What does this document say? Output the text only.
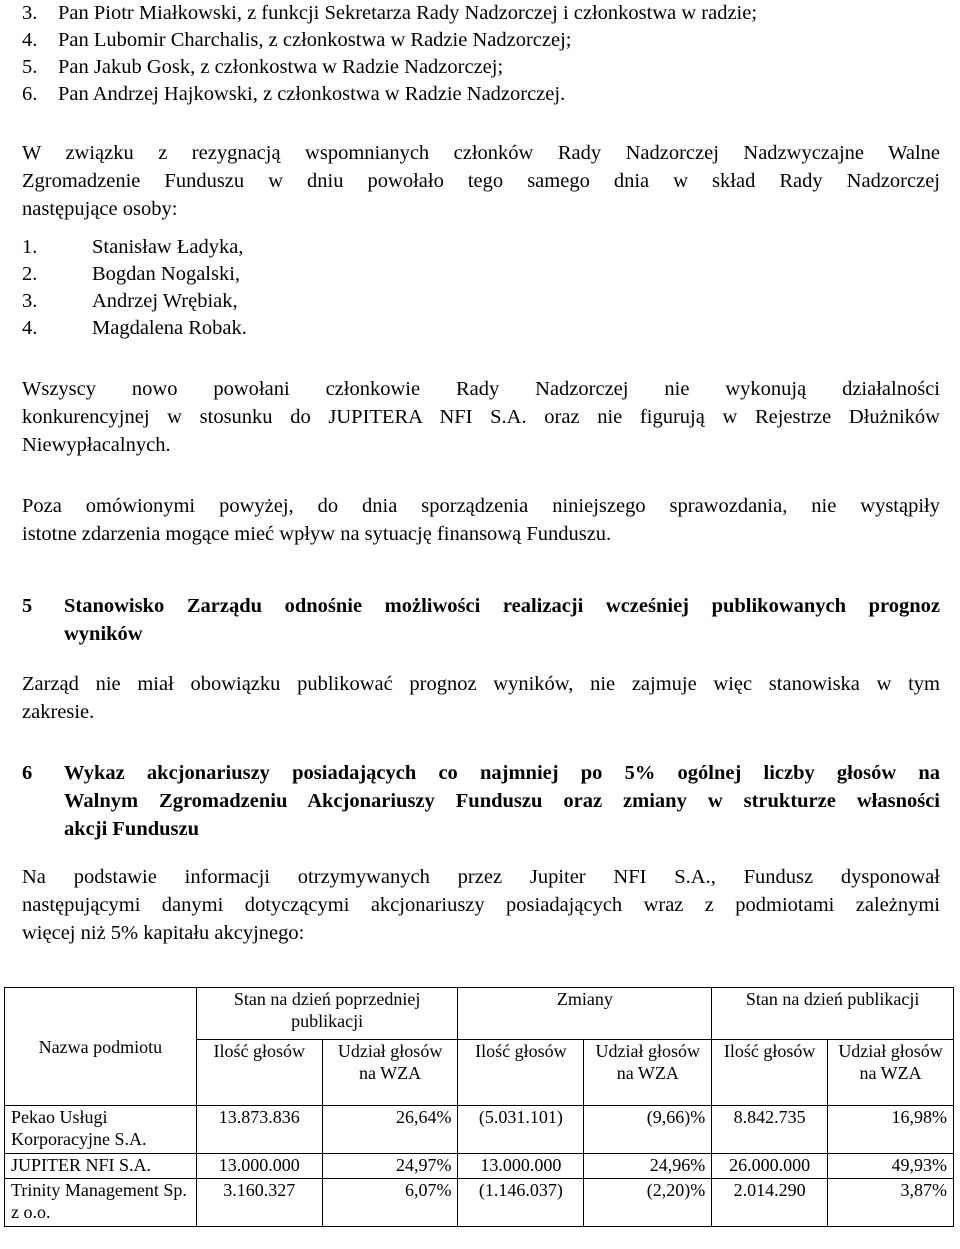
3. Pan Piotr Miałkowski, z funkcji Sekretarza Rady Nadzorczej i członkostwa w radzie;
4. Pan Lubomir Charchalis, z członkostwa w Radzie Nadzorczej;
5. Pan Jakub Gosk, z członkostwa w Radzie Nadzorczej;
6. Pan Andrzej Hajkowski, z członkostwa w Radzie Nadzorczej.
W związku z rezygnacją wspomnianych członków Rady Nadzorczej Nadzwyczajne Walne
Zgromadzenie Funduszu w dniu powołało tego samego dnia w skład Rady Nadzorczej
następujące osoby:
1.	Stanisław Ładyka,
2.	Bogdan Nogalski,
3.	Andrzej Wrębiak,
4.	Magdalena Robak.
Wszyscy nowo powołani członkowie Rady Nadzorczej nie wykonują działalności
konkurencyjnej w stosunku do JUPITERA NFI S.A. oraz nie figurują w Rejestrze Dłużników
Niewypłacalnych.
Poza omówionymi powyżej, do dnia sporządzenia niniejszego sprawozdania, nie wystąpiły
istotne zdarzenia mogące mieć wpływ na sytuację finansową Funduszu.
5 Stanowisko Zarządu odnośnie możliwości realizacji wcześniej publikowanych prognoz
wyników
Zarząd nie miał obowiązku publikować prognoz wyników, nie zajmuje więc stanowiska w tym
zakresie.
6 Wykaz akcjonariuszy posiadających co najmniej po 5% ogólnej liczby głosów na
Walnym Zgromadzeniu Akcjonariuszy Funduszu oraz zmiany w strukturze własności
akcji Funduszu
Na podstawie informacji otrzymywanych przez Jupiter NFI S.A., Fundusz dysponował
następującymi danymi dotyczącymi akcjonariuszy posiadających wraz z podmiotami zależnymi
więcej niż 5% kapitału akcyjnego:
Nazwa podmiotu	Stan na dzień poprzedniej publikacji		Zmiany		Stan na dzień publikacji	
	Ilość głosów	Udział głosów na WZA	Ilość głosów	Udział głosów na WZA	Ilość głosów	Udział głosów na WZA
Pekao Usługi Korporacyjne S.A.	13.873.836	26,64%	(5.031.101)	(9,66)%	8.842.735	16,98%
JUPITER NFI S.A.	13.000.000	24,97%	13.000.000	24,96%	26.000.000	49,93%
Trinity Management Sp. z o.o.	3.160.327	6,07%	(1.146.037)	(2,20)%	2.014.290	3,87%
